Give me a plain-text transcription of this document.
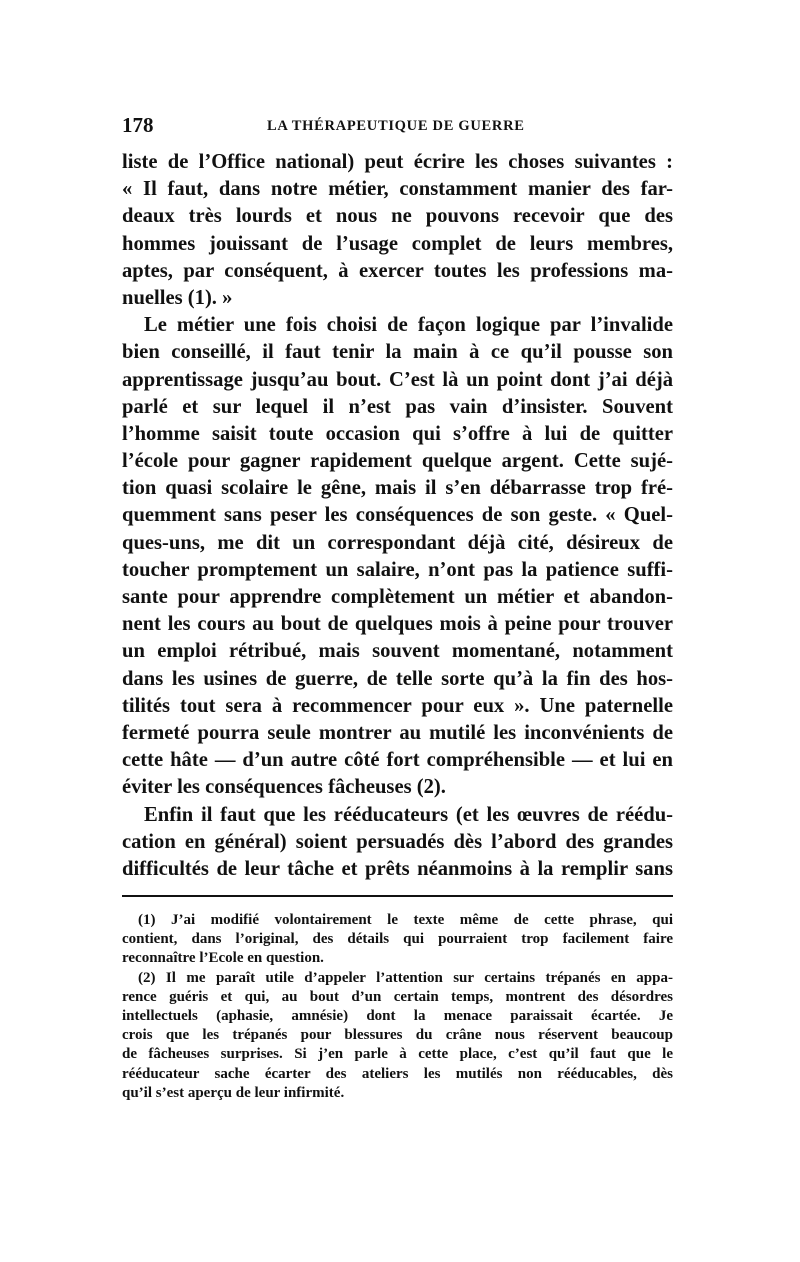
178	LA THÉRAPEUTIQUE DE GUERRE
liste de l’Office national) peut écrire les choses suivantes :
« Il faut, dans notre métier, constamment manier des far-
deaux très lourds et nous ne pouvons recevoir que des
hommes jouissant de l’usage complet de leurs membres,
aptes, par conséquent, à exercer toutes les professions ma-
nuelles (1). »
Le métier une fois choisi de façon logique par l’invalide
bien conseillé, il faut tenir la main à ce qu’il pousse son
apprentissage jusqu’au bout. C’est là un point dont j’ai déjà
parlé et sur lequel il n’est pas vain d’insister. Souvent
l’homme saisit toute occasion qui s’offre à lui de quitter
l’école pour gagner rapidement quelque argent. Cette sujé-
tion quasi scolaire le gêne, mais il s’en débarrasse trop fré-
quemment sans peser les conséquences de son geste. « Quel-
ques-uns, me dit un correspondant déjà cité, désireux de
toucher promptement un salaire, n’ont pas la patience suffi-
sante pour apprendre complètement un métier et abandon-
nent les cours au bout de quelques mois à peine pour trouver
un emploi rétribué, mais souvent momentané, notamment
dans les usines de guerre, de telle sorte qu’à la fin des hos-
tilités tout sera à recommencer pour eux ». Une paternelle
fermeté pourra seule montrer au mutilé les inconvénients de
cette hâte — d’un autre côté fort compréhensible — et lui en
éviter les conséquences fâcheuses (2).
Enfin il faut que les rééducateurs (et les œuvres de réédu-
cation en général) soient persuadés dès l’abord des grandes
difficultés de leur tâche et prêts néanmoins à la remplir sans
(1) J’ai modifié volontairement le texte même de cette phrase, qui
contient, dans l’original, des détails qui pourraient trop facilement faire
reconnaître l’Ecole en question.
(2) Il me paraît utile d’appeler l’attention sur certains trépanés en appa-
rence guéris et qui, au bout d’un certain temps, montrent des désordres
intellectuels (aphasie, amnésie) dont la menace paraissait écartée. Je
crois que les trépanés pour blessures du crâne nous réservent beaucoup
de fâcheuses surprises. Si j’en parle à cette place, c’est qu’il faut que le
rééducateur sache écarter des ateliers les mutilés non rééducables, dès
qu’il s’est aperçu de leur infirmité.
